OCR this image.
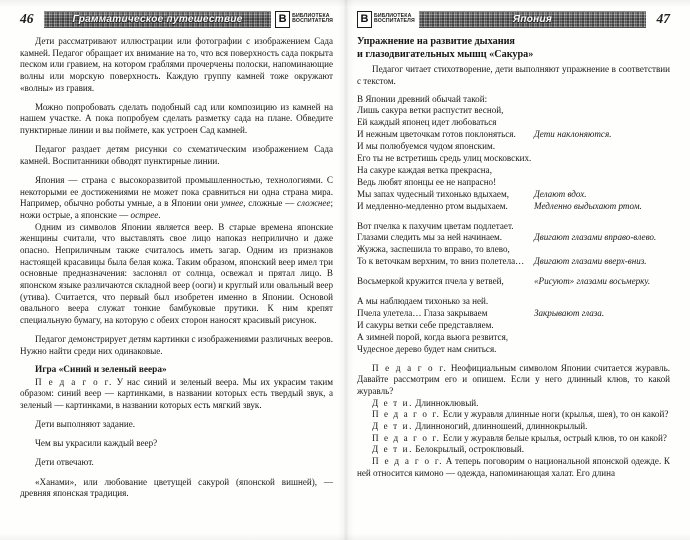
46	Грамматическое путешествие	В	БИБЛИОТЕКА
ВОСПИТАТЕЛЯ

Дети рассматривают иллюстрации или фотографии с изображением Сада камней. Педагог обращает их внимание на то, что вся поверхность сада покрыта песком или гравием, на котором граблями прочерчены полоски, напоминающие волны или морскую поверхность. Каждую группу камней тоже окружают «волны» из гравия.

Можно попробовать сделать подобный сад или композицию из камней на нашем участке. А пока попробуем сделать разметку сада на плане. Обведите пунктирные линии и вы поймете, как устроен Сад камней.

Педагог раздает детям рисунки со схематическим изображением Сада камней. Воспитанники обводят пунктирные линии.

Япония — страна с высокоразвитой промышленностью, технологиями. С некоторыми ее достижениями не может пока сравниться ни одна страна мира. Например, обычно роботы умные, а в Японии они умнее, сложные — сложнее; ножи острые, а японские — острее.

Одним из символов Японии является веер. В старые времена японские женщины считали, что выставлять свое лицо напоказ неприлично и даже опасно. Неприличным также считалось иметь загар. Одним из признаков настоящей красавицы была белая кожа. Таким образом, японский веер имел три основные предназначения: заслонял от солнца, освежал и прятал лицо. В японском языке различаются складной веер (ооги) и круглый или овальный веер (утива). Считается, что первый был изобретен именно в Японии. Основой овального веера служат тонкие бамбуковые прутики. К ним крепят специальную бумагу, на которую с обеих сторон наносят красивый рисунок.

Педагог демонстрирует детям картинки с изображениями различных вееров. Нужно найти среди них одинаковые.

Игра «Синий и зеленый веера»

П е д а г о г. У нас синий и зеленый веера. Мы их украсим таким образом: синий веер — картинками, в названии которых есть твердый звук, а зеленый — картинками, в названии которых есть мягкий звук.

Дети выполняют задание.

Чем вы украсили каждый веер?

Дети отвечают.

«Ханами», или любование цветущей сакурой (японской вишней), — древняя японская традиция.

В	БИБЛИОТЕКА
ВОСПИТАТЕЛЯ	Япония	47
Упражнение на развитие дыхания
и глазодвигательных мышц «Сакура»

Педагог читает стихотворение, дети выполняют упражнение в соответствии с текстом.

В Японии древний обычай такой:
Лишь сакура ветки распустит весной,
Ей каждый японец идет любоваться
И нежным цветочкам готов поклоняться.	Дети наклоняются.
И мы полюбуемся чудом японским.
Его ты не встретишь средь улиц московских.
На сакуре каждая ветка прекрасна,
Ведь любят японцы ее не напрасно!
Мы запах чудесный тихонько вдыхаем,	Делают вдох.
И медленно-медленно ртом выдыхаем.	Медленно выдыхают ртом.
Вот пчелка к пахучим цветам подлетает.
Глазами следить мы за ней начинаем.	Двигают глазами вправо-влево.
Жужжа, заспешила то вправо, то влево,
То к веточкам верхним, то вниз полетела…	Двигают глазами вверх-вниз.
Восьмеркой кружится пчела у ветвей,	«Рисуют» глазами восьмерку.
А мы наблюдаем тихонько за ней.
Пчела улетела… Глаза закрываем	Закрывают глаза.
И сакуры ветки себе представляем.
А зимней порой, когда вьюга резвится,
Чудесное дерево будет нам сниться.

П е д а г о г. Неофициальным символом Японии считается журавль. Давайте рассмотрим его и опишем. Если у него длинный клюв, то какой журавль?

Д е т и. Длинноклювый.

П е д а г о г. Если у журавля длинные ноги (крылья, шея), то он какой?

Д е т и. Длинноногий, длинношеий, длиннокрылый.

П е д а г о г. Если у журавля белые крылья, острый клюв, то он какой?

Д е т и. Белокрылый, остроклювый.

П е д а г о г. А теперь поговорим о национальной японской одежде. К ней относится кимоно — одежда, напоминающая халат. Его длина
